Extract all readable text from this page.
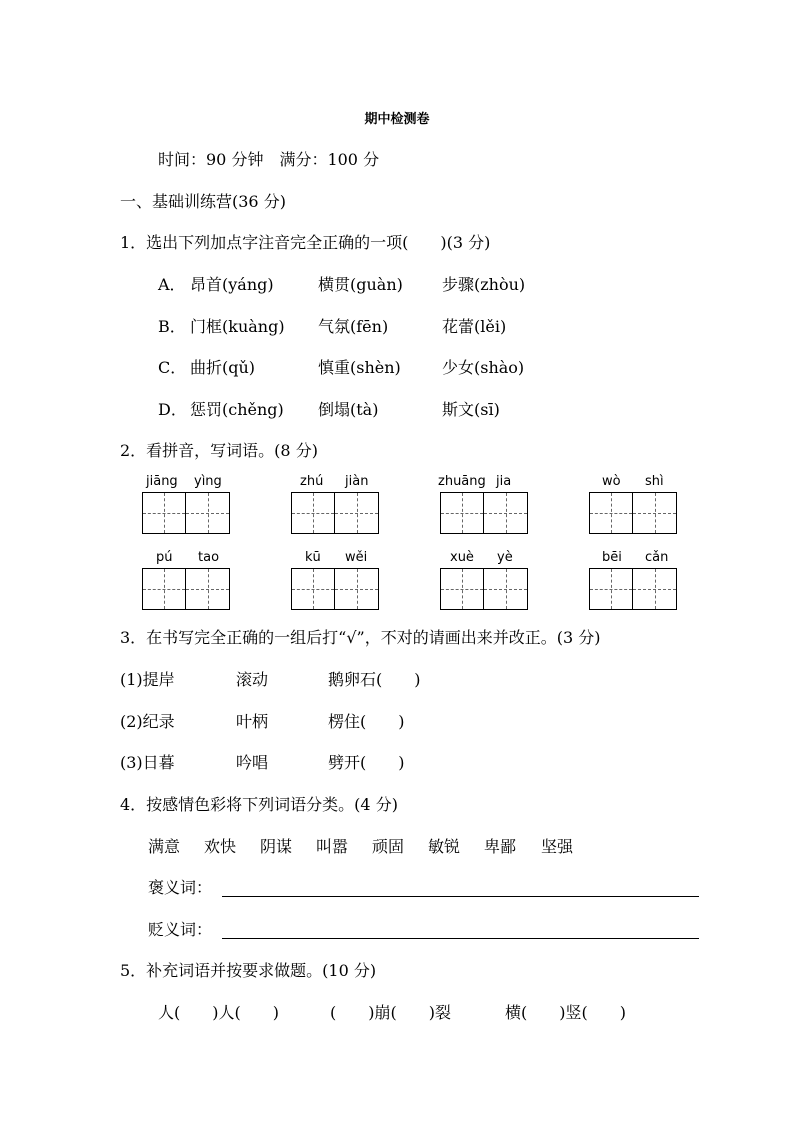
期中检测卷
时间：90 分钟　满分：100 分
一、基础训练营(36 分)
1．选出下列加点字注音完全正确的一项(　　)(3 分)
A． 昂首(yáng)	横贯(guàn) 步骤(zhòu)
B． 门框(kuàng) 气氛(fēn)	花蕾(lěi)
C． 曲折(qǔ)	慎重(shèn)	少女(shào)
D． 惩罚(chěng) 倒塌(tà)	斯文(sī)
2．看拼音，写词语。(8 分)
jiāng yìng	zhú jiàn	zhuāng jia	wò shì
pú tao	kū wěi	xuè yè	bēi cǎn
3．在书写完全正确的一组后打“√”，不对的请画出来并改正。(3 分)
(1)提岸	滚动	鹅卵石(　　)
(2)纪录	叶柄	楞住(　　)
(3)日暮	吟唱	劈开(　　)
4．按感情色彩将下列词语分类。(4 分)
满意 欢快 阴谋 叫嚣 顽固 敏锐 卑鄙 坚强
褒义词：
贬义词：
5．补充词语并按要求做题。(10 分)
人(　　)人(　　)	(　　)崩(　　)裂	横(　　)竖(　　)
